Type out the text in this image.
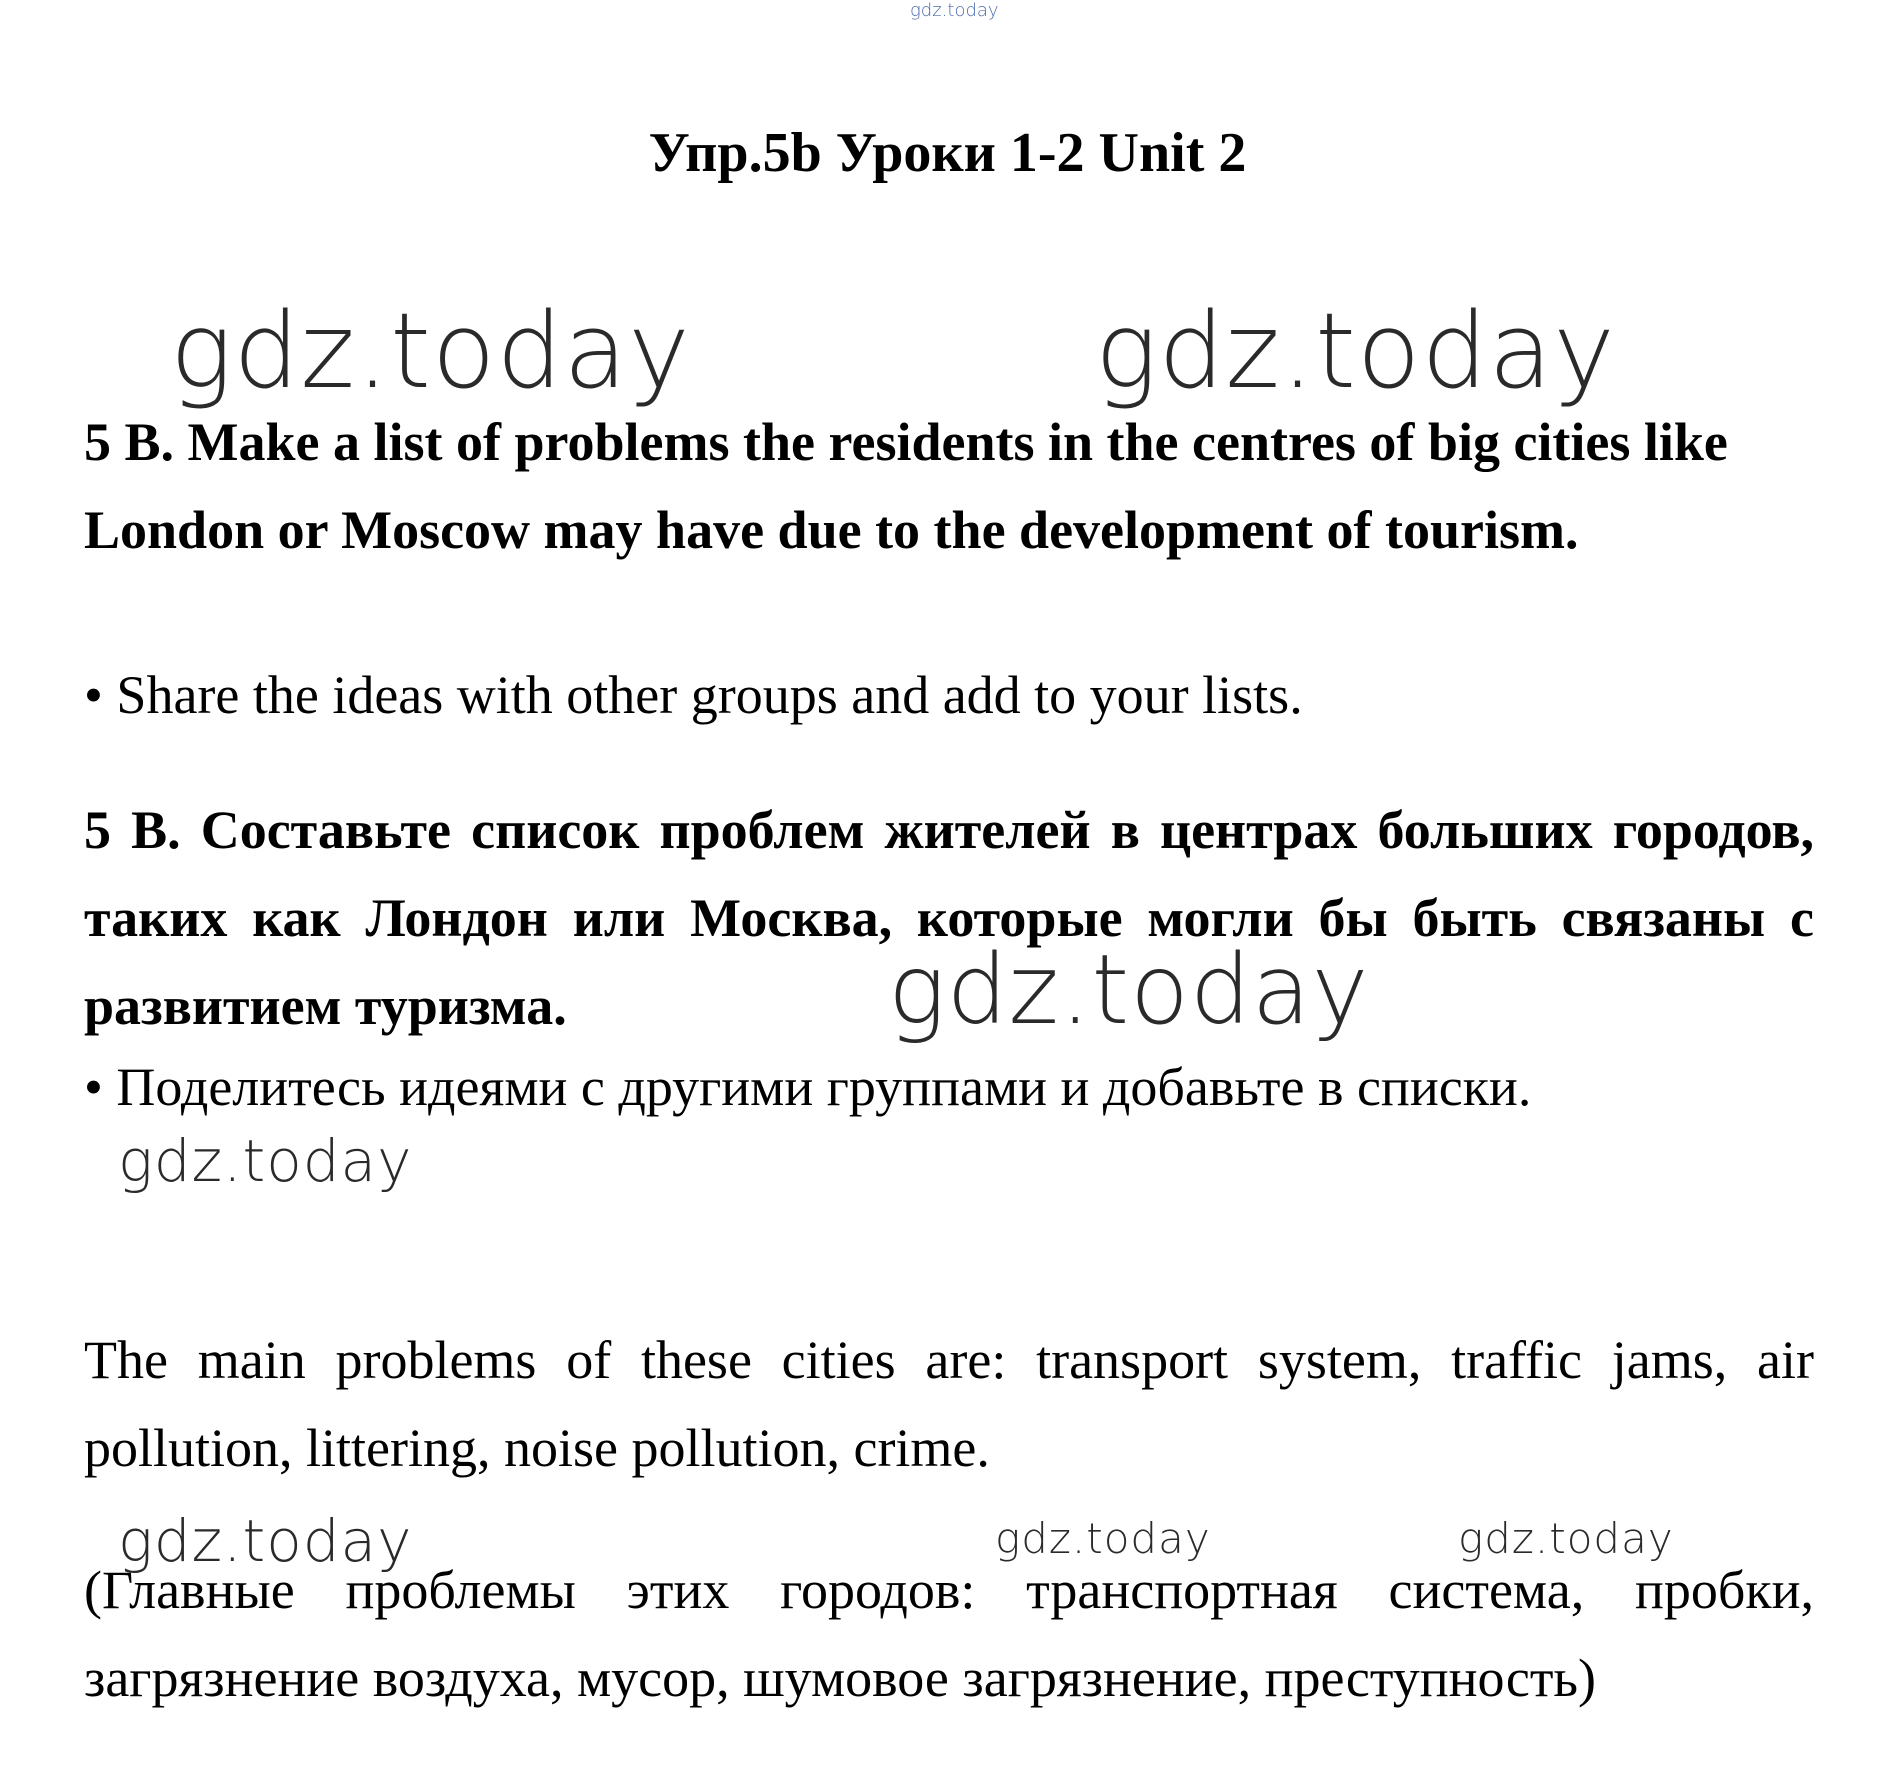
gdz.today
Упр.5b Уроки 1-2 Unit 2
gdz.today	gdz.today
5 B. Make a list of problems the residents in the centres of big cities like London or Moscow may have due to the development of tourism.
• Share the ideas with other groups and add to your lists.
5 B. Составьте список проблем жителей в центрах больших городов, таких как Лондон или Москва, которые могли бы быть связаны с развитием туризма.	gdz.today
• Поделитесь идеями с другими группами и добавьте в списки.
gdz.today
The main problems of these cities are: transport system, traffic jams, air pollution, littering, noise pollution, crime.
gdz.today	gdz.today	gdz.today
(Главные проблемы этих городов: транспортная система, пробки, загрязнение воздуха, мусор, шумовое загрязнение, преступность)
